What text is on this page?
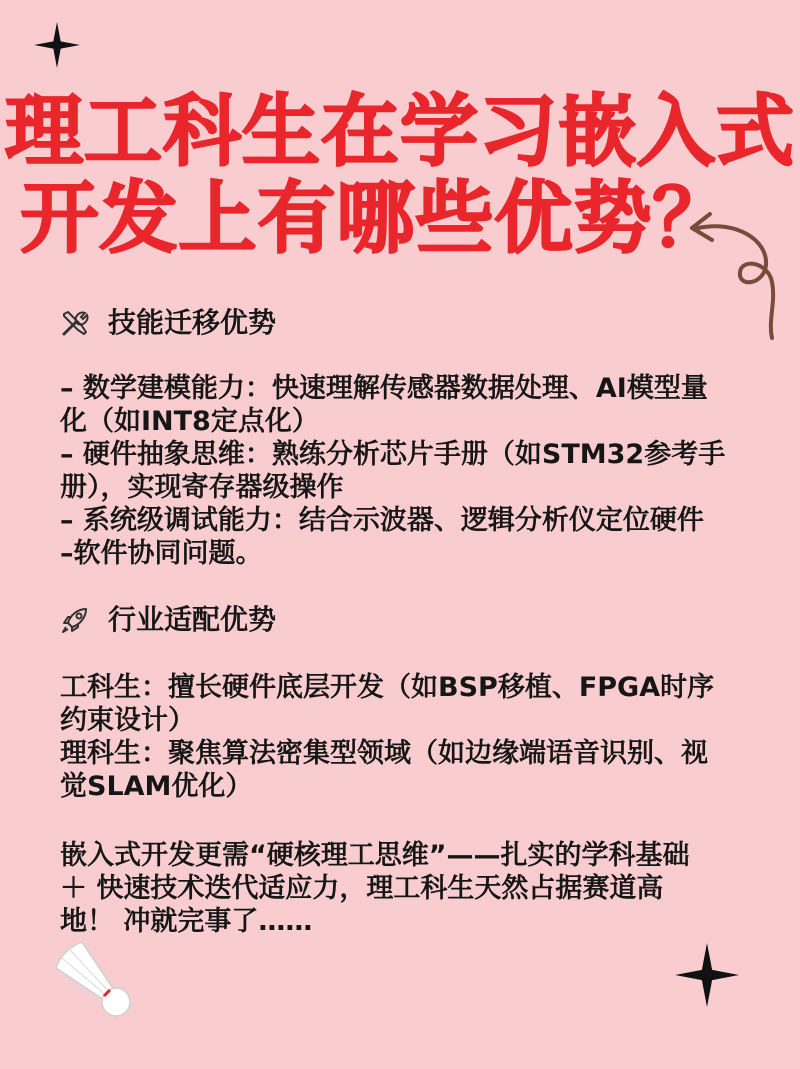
理工科生在学习嵌入式
开发上有哪些优势？
技能迁移优势
– 数学建模能力：快速理解传感器数据处理、AI模型量
化（如INT8定点化）
– 硬件抽象思维：熟练分析芯片手册（如STM32参考手
册），实现寄存器级操作
– 系统级调试能力：结合示波器、逻辑分析仪定位硬件
–软件协同问题。
行业适配优势
工科生：擅长硬件底层开发（如BSP移植、FPGA时序
约束设计）
理科生：聚焦算法密集型领域（如边缘端语音识别、视
觉SLAM优化）
嵌入式开发更需“硬核理工思维”——扎实的学科基础
＋ 快速技术迭代适应力，理工科生天然占据赛道高
地！ 冲就完事了……
